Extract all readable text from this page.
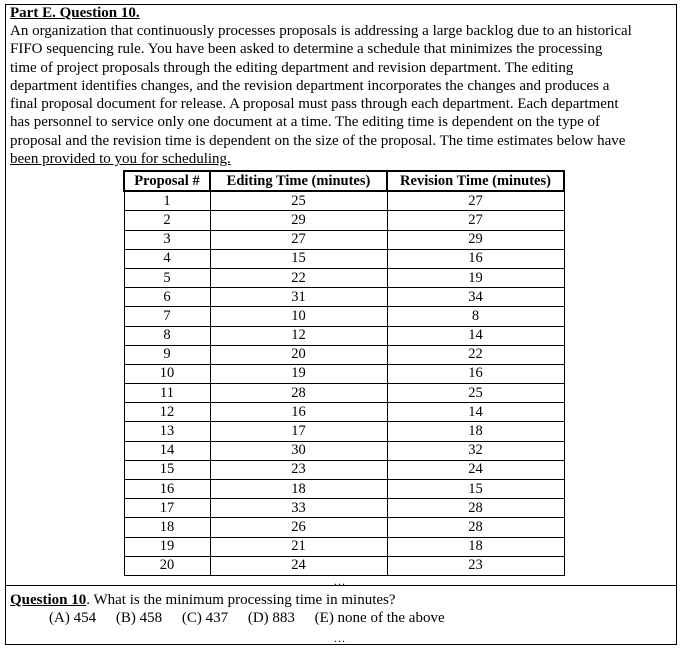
Part E. Question 10.
An organization that continuously processes proposals is addressing a large backlog due to an historical
FIFO sequencing rule. You have been asked to determine a schedule that minimizes the processing
time of project proposals through the editing department and revision department. The editing
department identifies changes, and the revision department incorporates the changes and produces a
final proposal document for release. A proposal must pass through each department. Each department
has personnel to service only one document at a time. The editing time is dependent on the type of
proposal and the revision time is dependent on the size of the proposal. The time estimates below have
been provided to you for scheduling.
Proposal #	Editing Time (minutes)	Revision Time (minutes)
1	25	27
2	29	27
3	27	29
4	15	16
5	22	19
6	31	34
7	10	8
8	12	14
9	20	22
10	19	16
11	28	25
12	16	14
13	17	18
14	30	32
15	23	24
16	18	15
17	33	28
18	26	28
19	21	18
20	24	23
...
Question 10. What is the minimum processing time in minutes?
(A) 454 (B) 458 (C) 437 (D) 883 (E) none of the above
...
